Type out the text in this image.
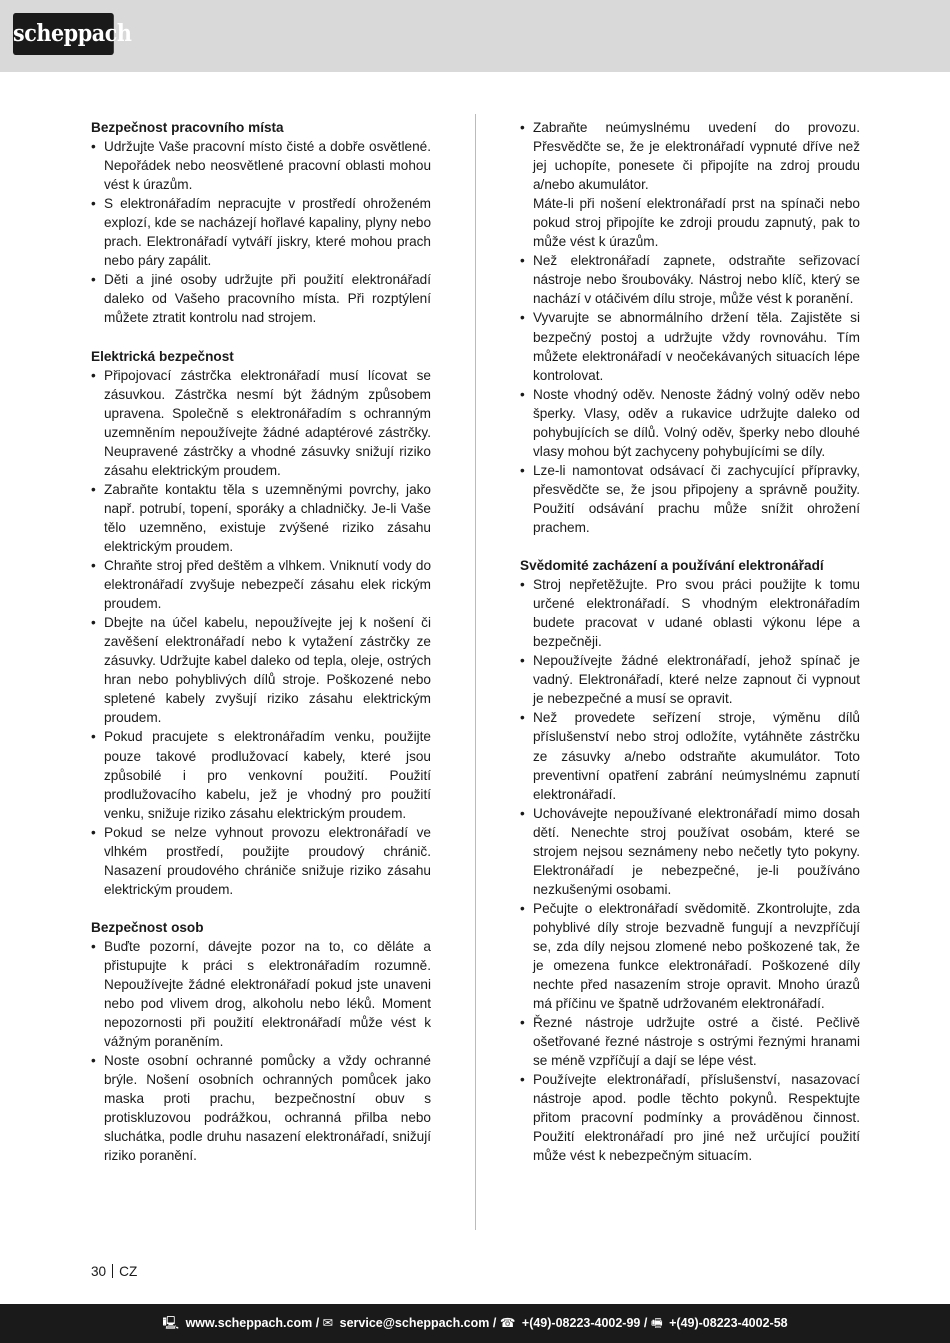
scheppach

Bezpečnost pracovního místa

• Udržujte Vaše pracovní místo čisté a dobře osvětlené. Nepořádek nebo neosvětlené pracovní oblasti mohou vést k úrazům.
• S elektronářadím nepracujte v prostředí ohroženém explozí, kde se nacházejí hořlavé kapaliny, plyny nebo prach. Elektronářadí vytváří jiskry, které mohou prach nebo páry zapálit.
• Děti a jiné osoby udržujte při použití elektronářadí daleko od Vašeho pracovního místa. Při rozptýlení můžete ztratit kontrolu nad strojem.

Elektrická bezpečnost

• Připojovací zástrčka elektronářadí musí lícovat se zásuvkou. Zástrčka nesmí být žádným způsobem upravena. Společně s elektronářadím s ochranným uzemněním nepoužívejte žádné adaptérové zástrčky. Neupravené zástrčky a vhodné zásuvky snižují riziko zásahu elektrickým proudem.
• Zabraňte kontaktu těla s uzemněnými povrchy, jako např. potrubí, topení, sporáky a chladničky. Je-li Vaše tělo uzemněno, existuje zvýšené riziko zásahu elektrickým proudem.
• Chraňte stroj před deštěm a vlhkem. Vniknutí vody do elektronářadí zvyšuje nebezpečí zásahu elek rickým proudem.
• Dbejte na účel kabelu, nepoužívejte jej k nošení či zavěšení elektronářadí nebo k vytažení zástrčky ze zásuvky. Udržujte kabel daleko od tepla, oleje, ostrých hran nebo pohyblivých dílů stroje. Poškozené nebo spletené kabely zvyšují riziko zásahu elektrickým proudem.
• Pokud pracujete s elektronářadím venku, použijte pouze takové prodlužovací kabely, které jsou způsobilé i pro venkovní použití. Použití prodlužovacího kabelu, jež je vhodný pro použití venku, snižuje riziko zásahu elektrickým proudem.
• Pokud se nelze vyhnout provozu elektronářadí ve vlhkém prostředí, použijte proudový chránič. Nasazení proudového chrániče snižuje riziko zásahu elektrickým proudem.

Bezpečnost osob

• Buďte pozorní, dávejte pozor na to, co děláte a přistupujte k práci s elektronářadím rozumně. Nepoužívejte žádné elektronářadí pokud jste unaveni nebo pod vlivem drog, alkoholu nebo léků. Moment nepozornosti při použití elektronářadí může vést k vážným poraněním.
• Noste osobní ochranné pomůcky a vždy ochranné brýle. Nošení osobních ochranných pomůcek jako maska proti prachu, bezpečnostní obuv s protiskluzovou podrážkou, ochranná přilba nebo sluchátka, podle druhu nasazení elektronářadí, snižují riziko poranění.
• Zabraňte neúmyslnému uvedení do provozu. Přesvědčte se, že je elektronářadí vypnuté dříve než jej uchopíte, ponesete či připojíte na zdroj proudu a/nebo akumulátor.
Máte-li při nošení elektronářadí prst na spínači nebo pokud stroj připojíte ke zdroji proudu zapnutý, pak to může vést k úrazům.
• Než elektronářadí zapnete, odstraňte seřizovací nástroje nebo šroubováky. Nástroj nebo klíč, který se nachází v otáčivém dílu stroje, může vést k poranění.
• Vyvarujte se abnormálního držení těla. Zajistěte si bezpečný postoj a udržujte vždy rovnováhu. Tím můžete elektronářadí v neočekávaných situacích lépe kontrolovat.
• Noste vhodný oděv. Nenoste žádný volný oděv nebo šperky. Vlasy, oděv a rukavice udržujte daleko od pohybujících se dílů. Volný oděv, šperky nebo dlouhé vlasy mohou být zachyceny pohybujícími se díly.
• Lze-li namontovat odsávací či zachycující přípravky, přesvědčte se, že jsou připojeny a správně použity. Použití odsávání prachu může snížit ohrožení prachem.

Svědomité zacházení a používání elektronářadí

• Stroj nepřetěžujte. Pro svou práci použijte k tomu určené elektronářadí. S vhodným elektronářadím budete pracovat v udané oblasti výkonu lépe a bezpečněji.
• Nepoužívejte žádné elektronářadí, jehož spínač je vadný. Elektronářadí, které nelze zapnout či vypnout je nebezpečné a musí se opravit.
• Než provedete seřízení stroje, výměnu dílů příslušenství nebo stroj odložíte, vytáhněte zástrčku ze zásuvky a/nebo odstraňte akumulátor. Toto preventivní opatření zabrání neúmyslnému zapnutí elektronářadí.
• Uchovávejte nepoužívané elektronářadí mimo dosah dětí. Nenechte stroj používat osobám, které se strojem nejsou seznámeny nebo nečetly tyto pokyny. Elektronářadí je nebezpečné, je-li používáno nezkušenými osobami.
• Pečujte o elektronářadí svědomitě. Zkontrolujte, zda pohyblivé díly stroje bezvadně fungují a nevzpříčují se, zda díly nejsou zlomené nebo poškozené tak, že je omezena funkce elektronářadí. Poškozené díly nechte před nasazením stroje opravit. Mnoho úrazů má příčinu ve špatně udržovaném elektronářadí.
• Řezné nástroje udržujte ostré a čisté. Pečlivě ošetřované řezné nástroje s ostrými řeznými hranami se méně vzpříčují a dají se lépe vést.
• Používejte elektronářadí, příslušenství, nasazovací nástroje apod. podle těchto pokynů. Respektujte přitom pracovní podmínky a prováděnou činnost. Použití elektronářadí pro jiné než určující použití může vést k nebezpečným situacím.
30 CZ
🖳 www.scheppach.com / ✉ service@scheppach.com / ☎ +(49)-08223-4002-99 / 🖷 +(49)-08223-4002-58
